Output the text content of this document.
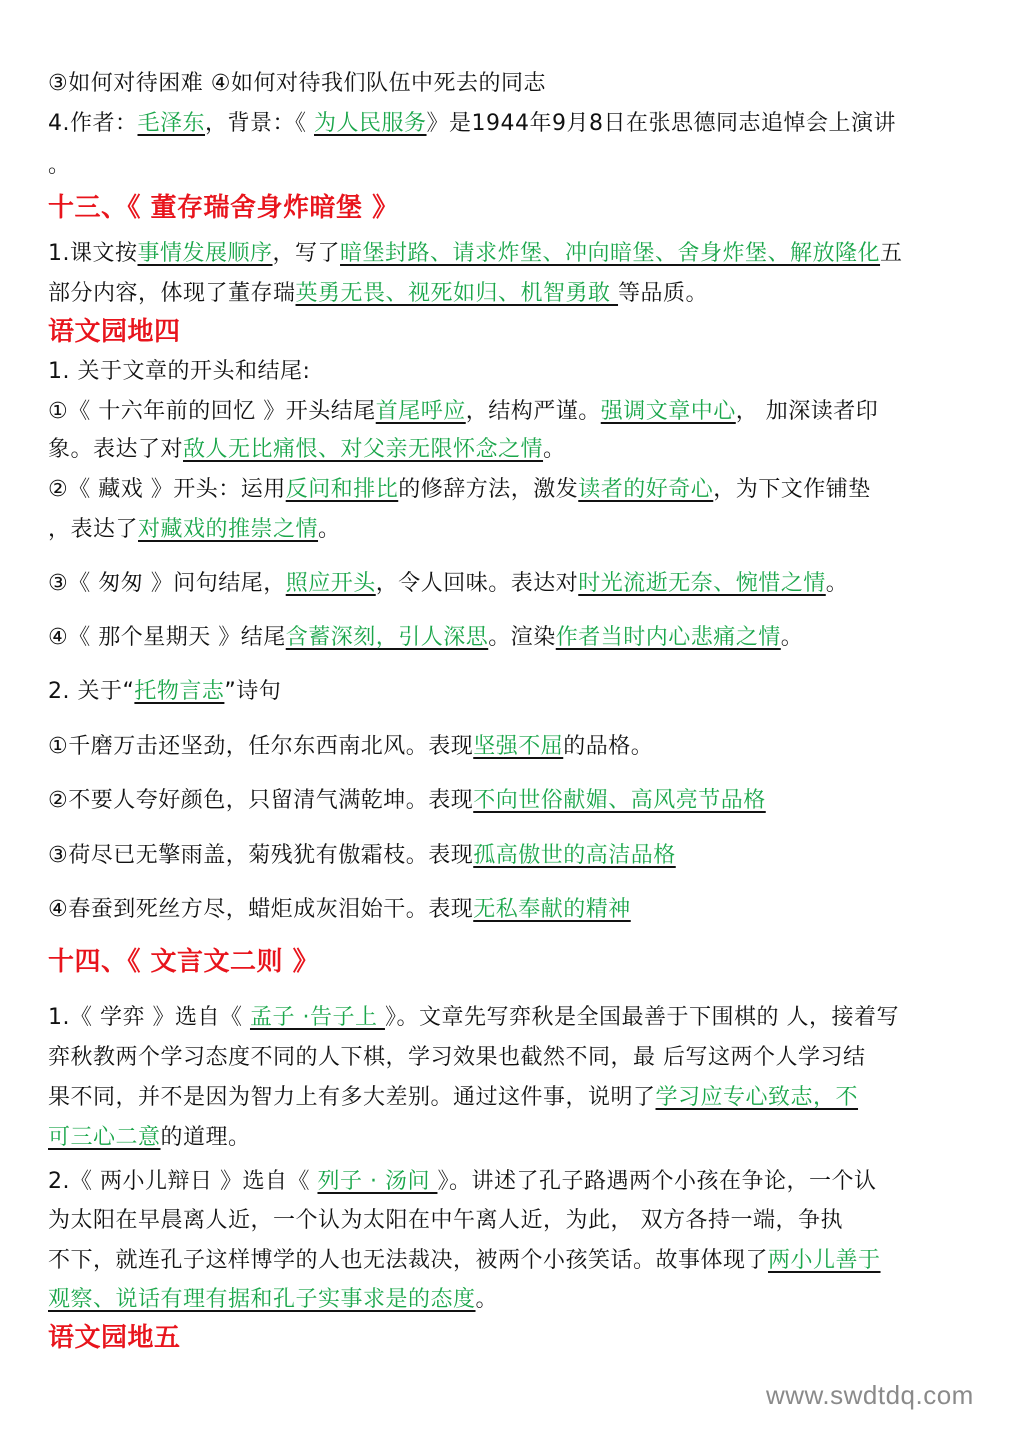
③如何对待困难 ④如何对待我们队伍中死去的同志
4.作者：毛泽东，背景：《 为人民服务》是1944年9月8日在张思德同志追悼会上演讲
。
十三、《 董存瑞舍身炸暗堡 》
1.课文按事情发展顺序，写了暗堡封路、请求炸堡、冲向暗堡、舍身炸堡、解放隆化五
部分内容，体现了董存瑞英勇无畏、视死如归、机智勇敢 等品质。
语文园地四
1. 关于文章的开头和结尾:
①《 十六年前的回忆 》开头结尾首尾呼应，结构严谨。强调文章中心， 加深读者印
象。表达了对敌人无比痛恨、对父亲无限怀念之情。
②《 藏戏 》开头：运用反问和排比的修辞方法，激发读者的好奇心，为下文作铺垫
，表达了对藏戏的推崇之情。
③《 匆匆 》问句结尾，照应开头，令人回味。表达对时光流逝无奈、惋惜之情。
④《 那个星期天 》结尾含蓄深刻，引人深思。渲染作者当时内心悲痛之情。
2. 关于“托物言志”诗句
①千磨万击还坚劲，任尔东西南北风。表现坚强不屈的品格。
②不要人夸好颜色，只留清气满乾坤。表现不向世俗献媚、高风亮节品格
③荷尽已无擎雨盖，菊残犹有傲霜枝。表现孤高傲世的高洁品格
④春蚕到死丝方尽，蜡炬成灰泪始干。表现无私奉献的精神
十四、《 文言文二则 》
1.《 学弈 》选自《 孟子 ·告子上 》。文章先写弈秋是全国最善于下围棋的 人，接着写
弈秋教两个学习态度不同的人下棋，学习效果也截然不同，最 后写这两个人学习结
果不同，并不是因为智力上有多大差别。通过这件事，说明了学习应专心致志，不
可三心二意的道理。
2.《 两小儿辩日 》选自《 列子 · 汤问 》。讲述了孔子路遇两个小孩在争论，一个认
为太阳在早晨离人近，一个认为太阳在中午离人近，为此， 双方各持一端，争执
不下，就连孔子这样博学的人也无法裁决，被两个小孩笑话。故事体现了两小儿善于
观察、说话有理有据和孔子实事求是的态度。
语文园地五
www.swdtdq.com
